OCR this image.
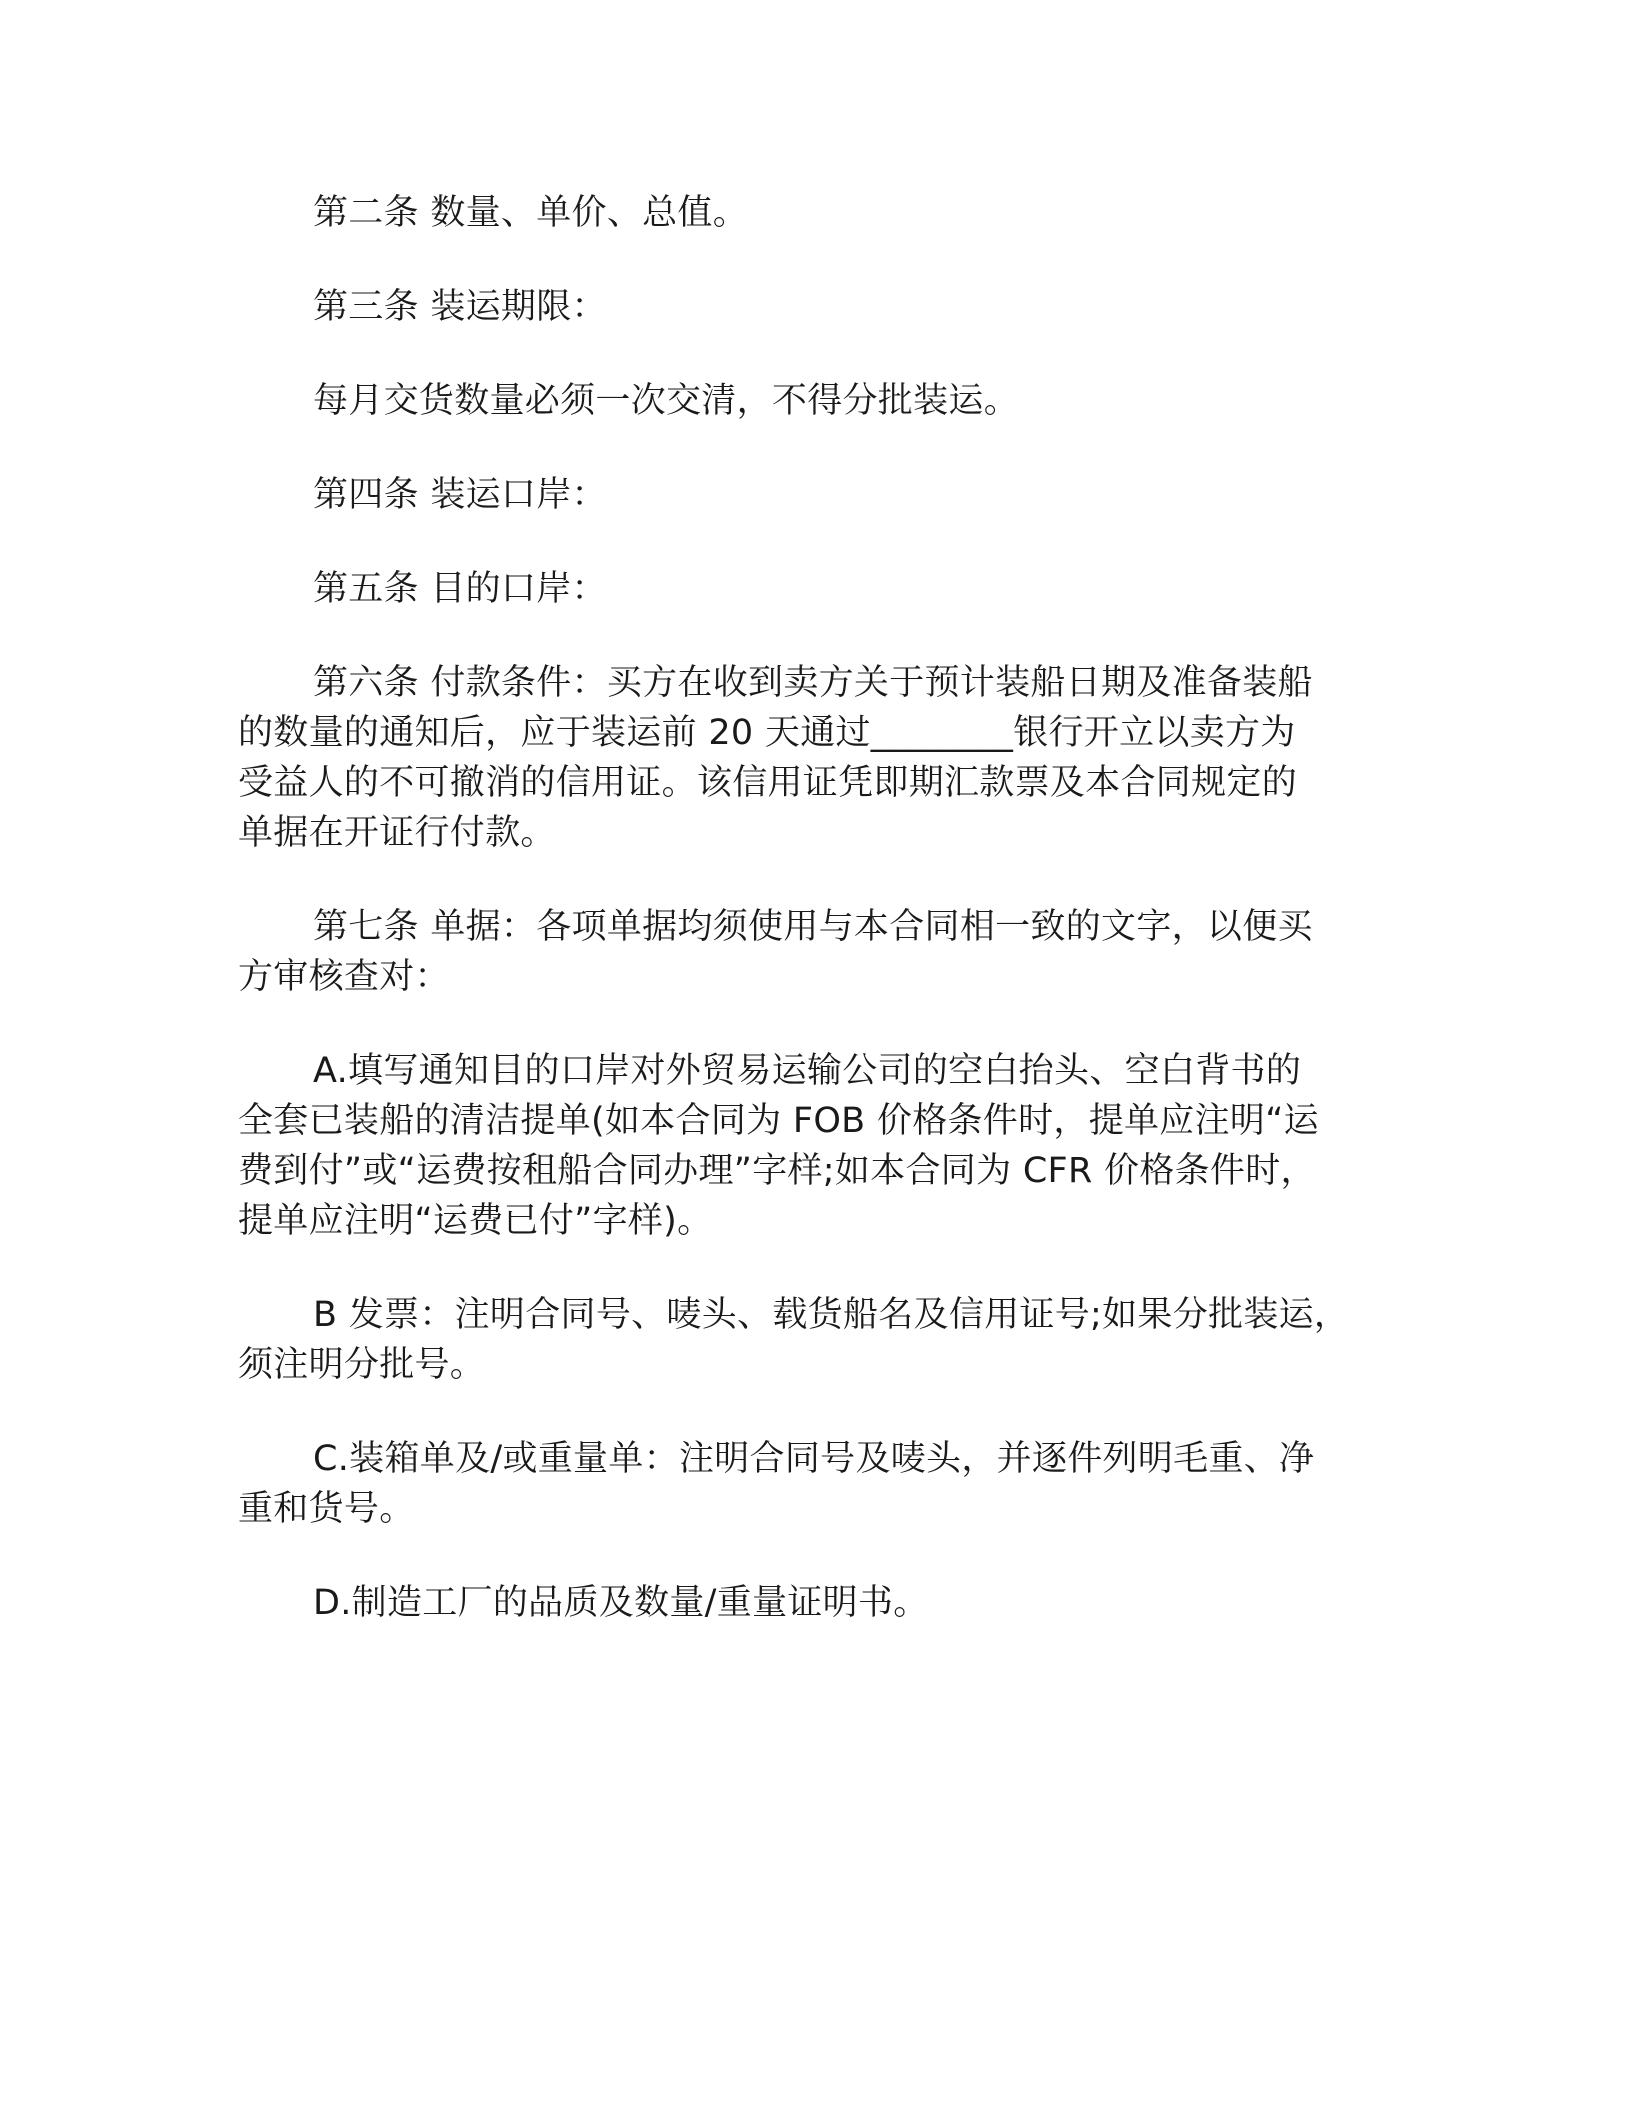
第二条 数量、单价、总值。

第三条 装运期限：

每月交货数量必须一次交清，不得分批装运。

第四条 装运口岸：

第五条 目的口岸：

第六条 付款条件：买方在收到卖方关于预计装船日期及准备装船
的数量的通知后，应于装运前 20 天通过________银行开立以卖方为
受益人的不可撤消的信用证。该信用证凭即期汇款票及本合同规定的
单据在开证行付款。

第七条 单据：各项单据均须使用与本合同相一致的文字，以便买
方审核查对：

A.填写通知目的口岸对外贸易运输公司的空白抬头、空白背书的
全套已装船的清洁提单(如本合同为 FOB 价格条件时，提单应注明“运
费到付”或“运费按租船合同办理”字样;如本合同为 CFR 价格条件时，
提单应注明“运费已付”字样)。

B 发票：注明合同号、唛头、载货船名及信用证号;如果分批装运，
须注明分批号。

C.装箱单及/或重量单：注明合同号及唛头，并逐件列明毛重、净
重和货号。

D.制造工厂的品质及数量/重量证明书。
